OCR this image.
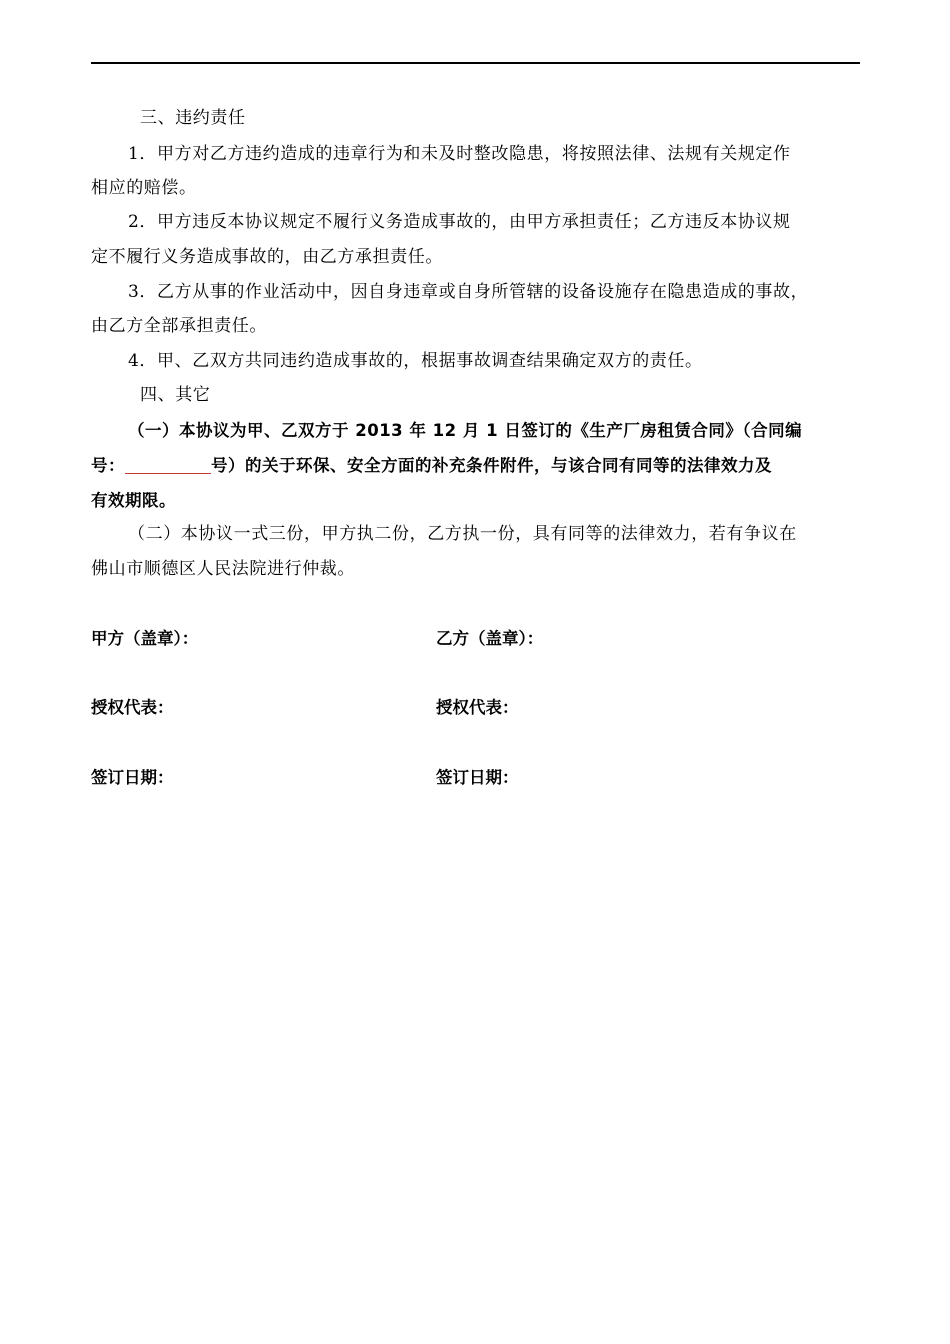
三、违约责任
1．甲方对乙方违约造成的违章行为和未及时整改隐患，将按照法律、法规有关规定作
相应的赔偿。
2．甲方违反本协议规定不履行义务造成事故的，由甲方承担责任；乙方违反本协议规
定不履行义务造成事故的，由乙方承担责任。
3．乙方从事的作业活动中，因自身违章或自身所管辖的设备设施存在隐患造成的事故，
由乙方全部承担责任。
4．甲、乙双方共同违约造成事故的，根据事故调查结果确定双方的责任。
四、其它
（一）本协议为甲、乙双方于 2013 年 12 月 1 日签订的《生产厂房租赁合同》（合同编
号：	号）的关于环保、安全方面的补充条件附件，与该合同有同等的法律效力及
有效期限。
（二）本协议一式三份，甲方执二份，乙方执一份，具有同等的法律效力，若有争议在
佛山市顺德区人民法院进行仲裁。
甲方（盖章）：	乙方（盖章）：
授权代表：	授权代表：
签订日期：	签订日期：
